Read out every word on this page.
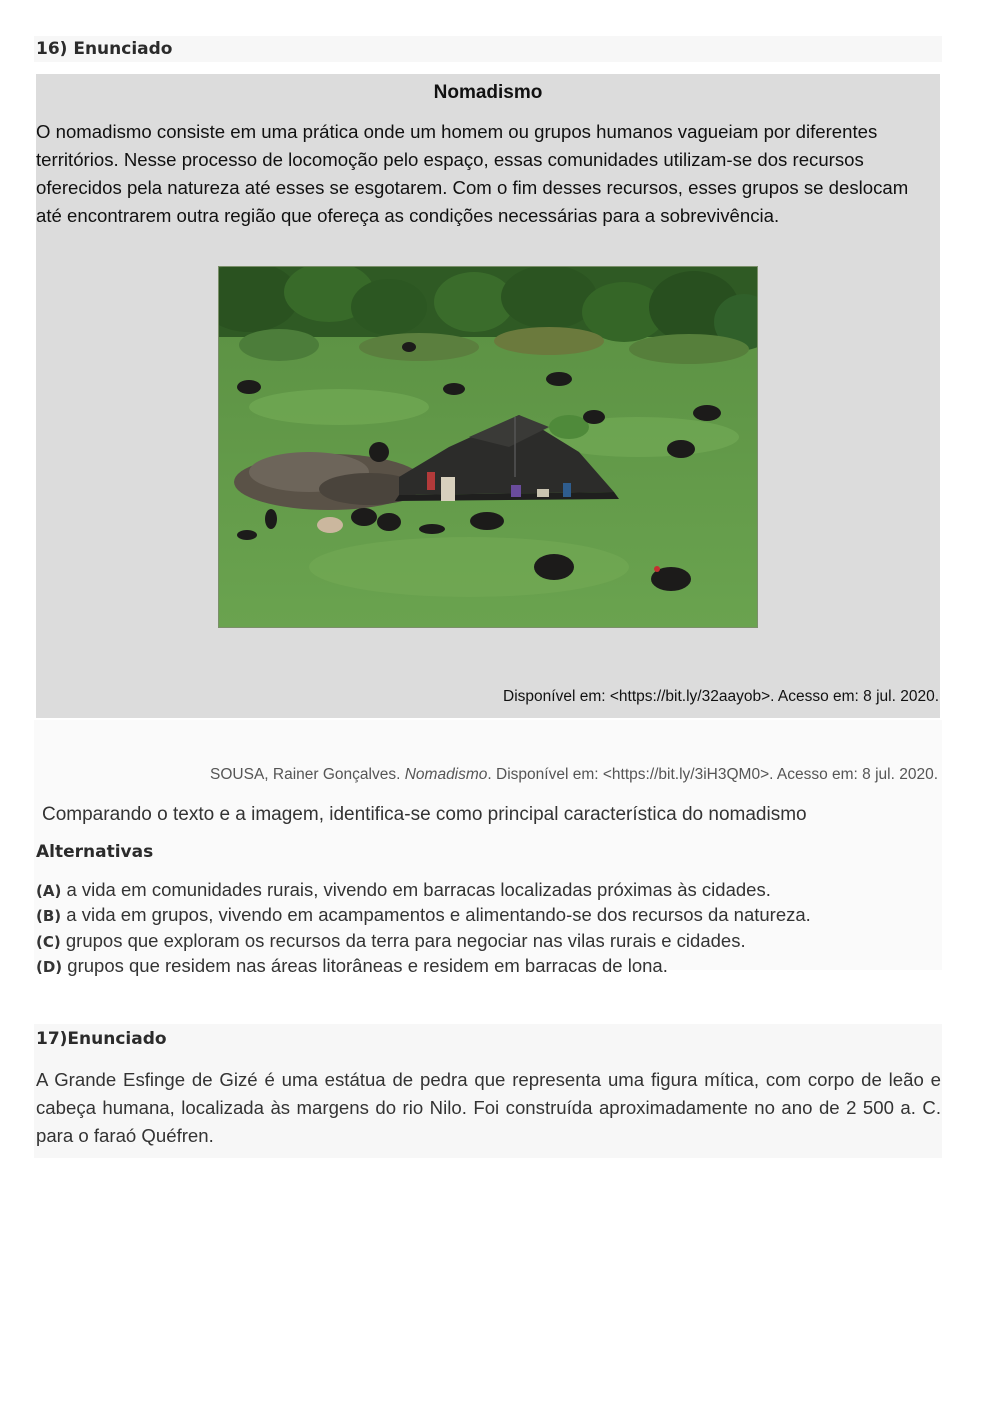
16) Enunciado
Nomadismo
O nomadismo consiste em uma prática onde um homem ou grupos humanos vagueiam por diferentes territórios. Nesse processo de locomoção pelo espaço, essas comunidades utilizam-se dos recursos oferecidos pela natureza até esses se esgotarem. Com o fim desses recursos, esses grupos se deslocam até encontrarem outra região que ofereça as condições necessárias para a sobrevivência.
Disponível em: <https://bit.ly/32aayob>. Acesso em: 8 jul. 2020.
SOUSA, Rainer Gonçalves. Nomadismo. Disponível em: <https://bit.ly/3iH3QM0>. Acesso em: 8 jul. 2020.
Comparando o texto e a imagem, identifica-se como principal característica do nomadismo
Alternativas
(A) a vida em comunidades rurais, vivendo em barracas localizadas próximas às cidades.
(B) a vida em grupos, vivendo em acampamentos e alimentando-se dos recursos da natureza.
(C) grupos que exploram os recursos da terra para negociar nas vilas rurais e cidades.
(D) grupos que residem nas áreas litorâneas e residem em barracas de lona.
17)Enunciado
A Grande Esfinge de Gizé é uma estátua de pedra que representa uma figura mítica, com corpo de leão e cabeça humana, localizada às margens do rio Nilo. Foi construída aproximadamente no ano de 2 500 a. C. para o faraó Quéfren.
